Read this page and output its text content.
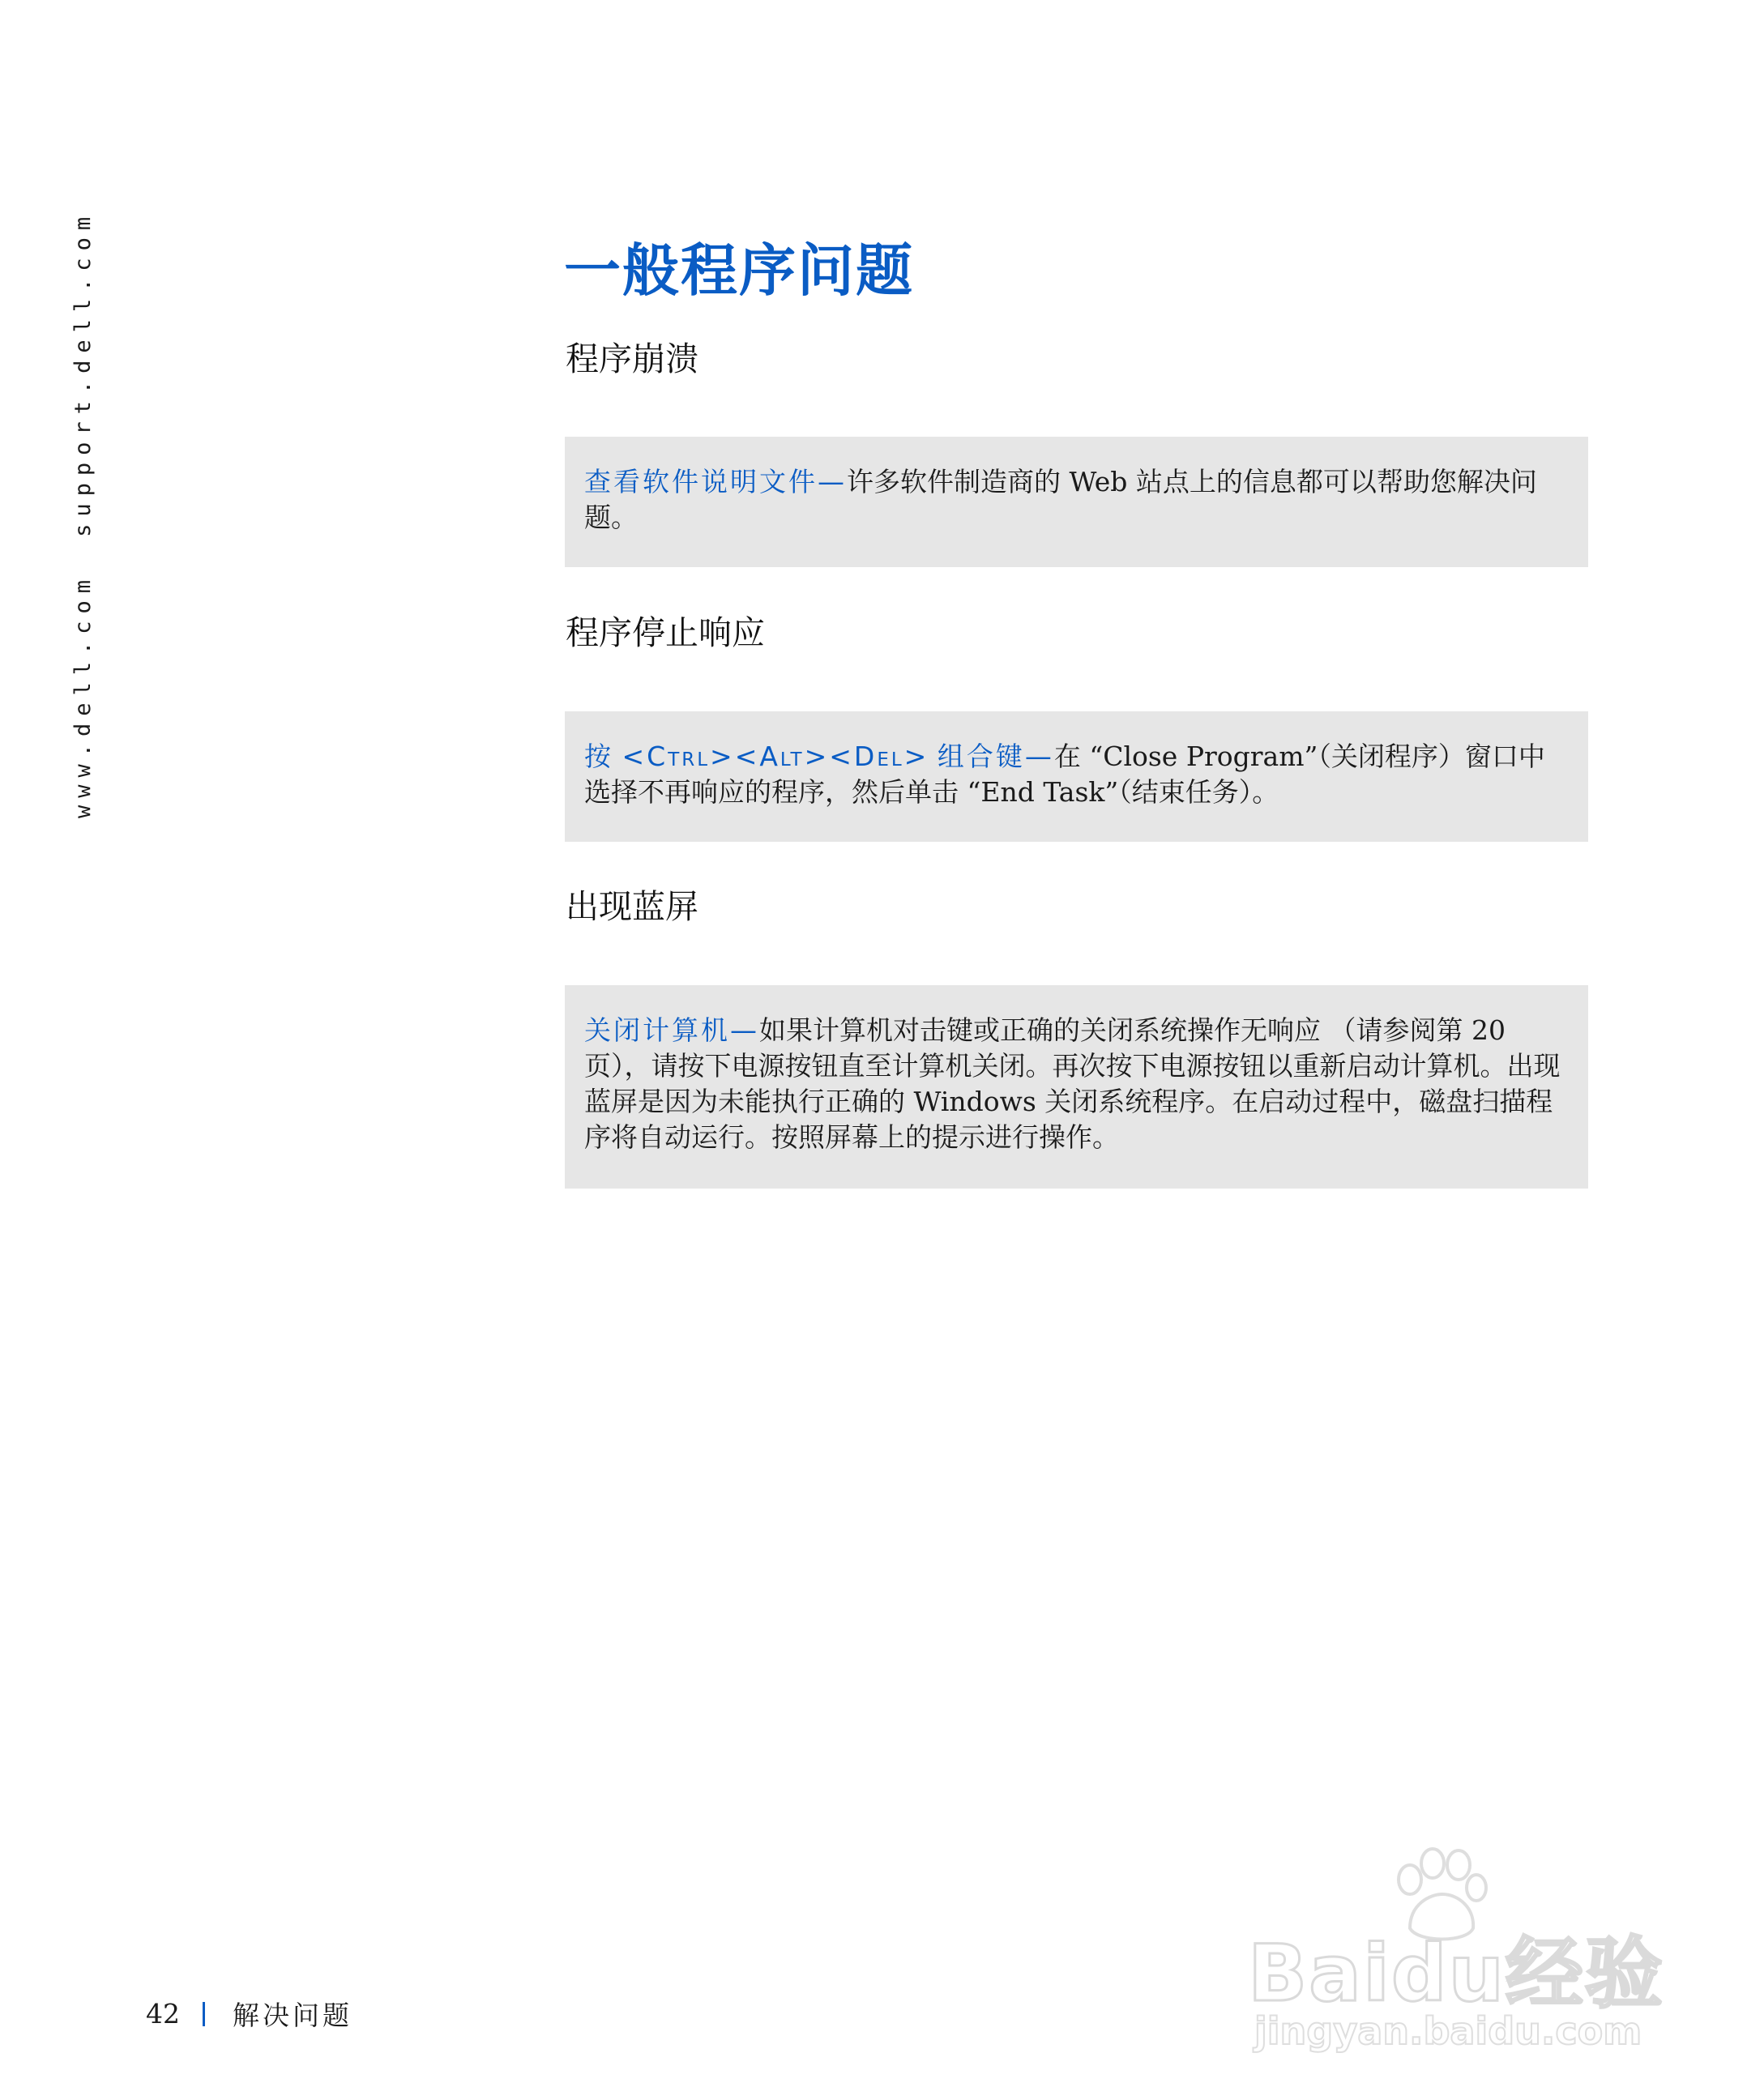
www.dell.com
support.dell.com	一般程序问题
程序崩溃

查看软件说明文件—许多软件制造商的 Web 站点上的信息都可以帮助您解决问题。

程序停止响应

按 <Ctrl><Alt><Del> 组合键—在 “Close Program”（关闭程序）窗口中选择不再响应的程序，然后单击 “End Task”（结束任务）。

出现蓝屏

关闭计算机—如果计算机对击键或正确的关闭系统操作无响应 （请参阅第 20 页），请按下电源按钮直至计算机关闭。再次按下电源按钮以重新启动计算机。出现蓝屏是因为未能执行正确的 Windows 关闭系统程序。在启动过程中，磁盘扫描程序将自动运行。按照屏幕上的提示进行操作。

42 解决问题	Baidu经验
jingyan.baidu.com
